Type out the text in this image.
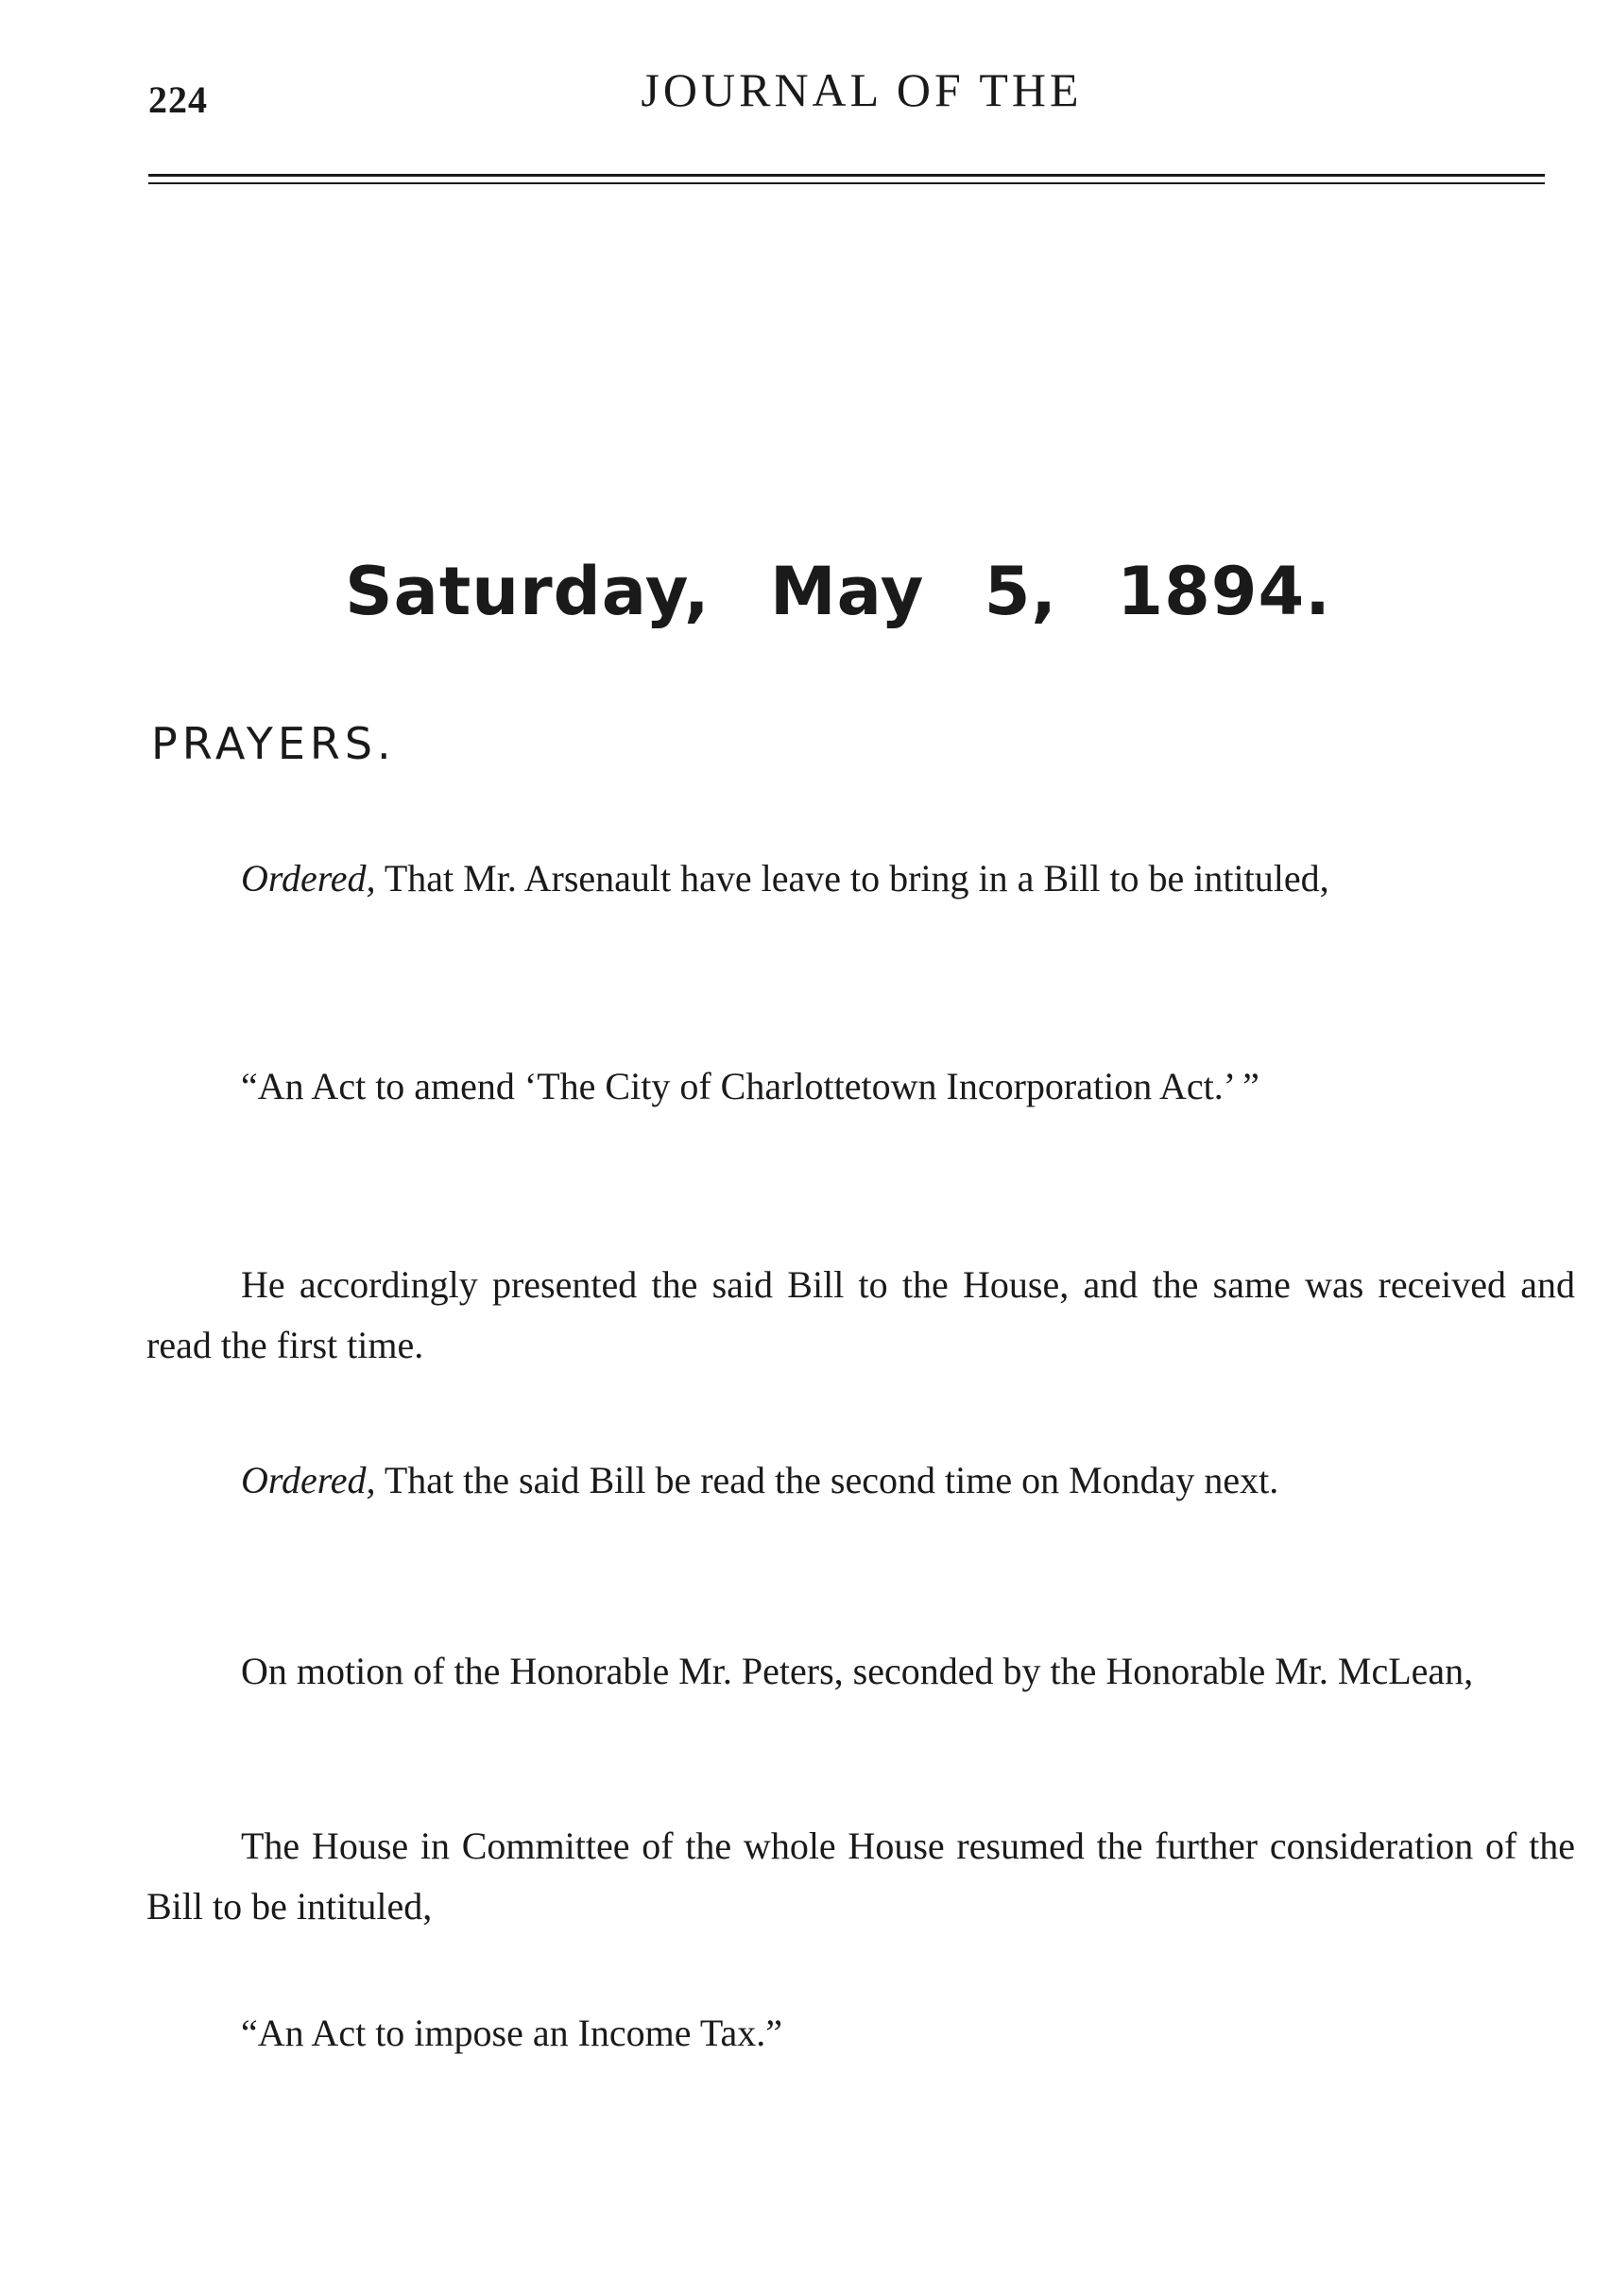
224	JOURNAL OF THE
Saturday, May 5, 1894.
PRAYERS.

Ordered, That Mr. Arsenault have leave to bring in a Bill to be intituled,

“An Act to amend ‘The City of Charlottetown Incorporation Act.’ ”

He accordingly presented the said Bill to the House, and the same was received and read the first time.

Ordered, That the said Bill be read the second time on Monday next.

On motion of the Honorable Mr. Peters, seconded by the Honorable Mr. McLean,

The House in Committee of the whole House resumed the further consideration of the Bill to be intituled,

“An Act to impose an Income Tax.”
